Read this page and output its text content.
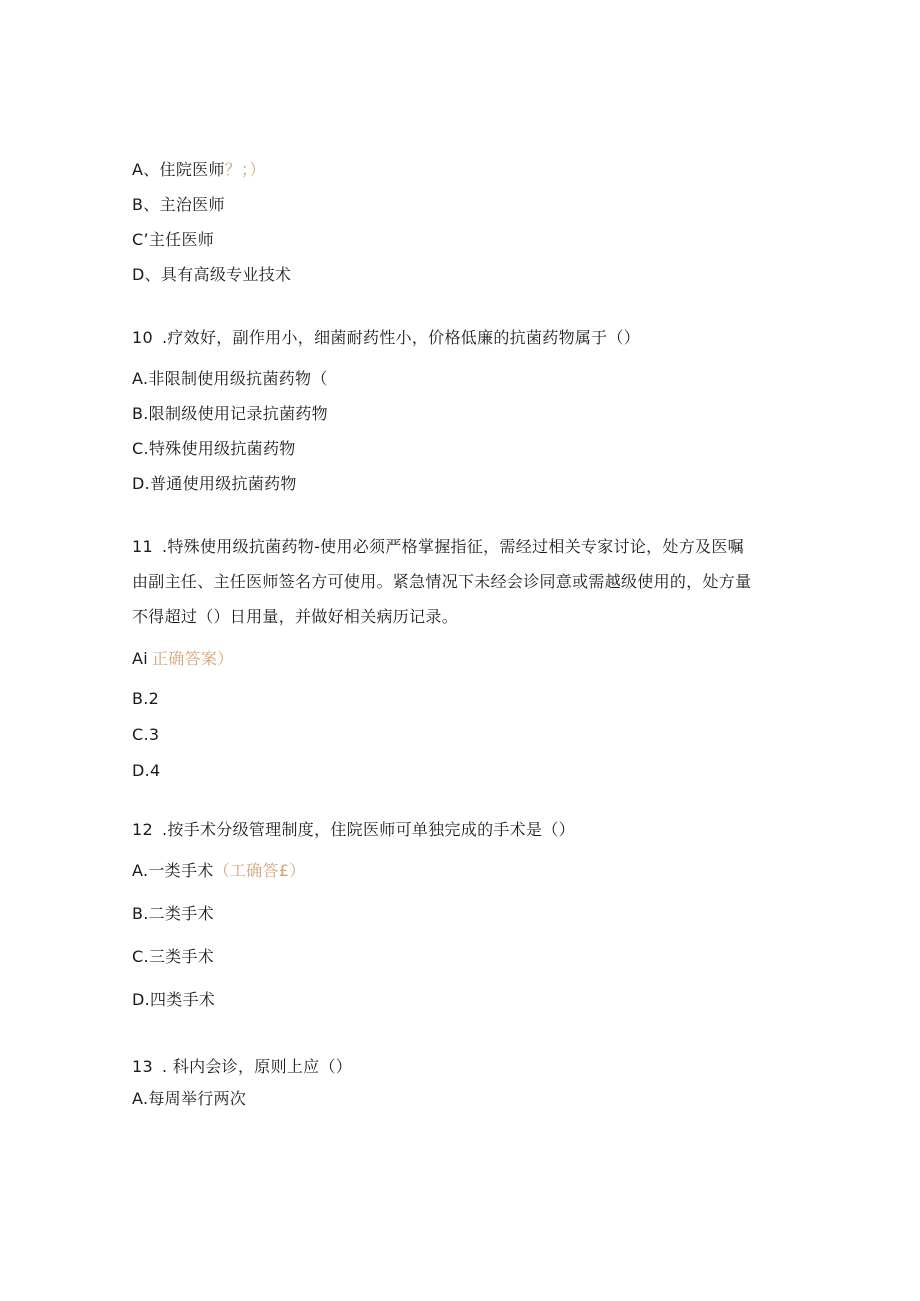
A、住院医师？；）
B、主治医师
C’主任医师
D、具有高级专业技术
10 .疗效好，副作用小，细菌耐药性小，价格低廉的抗菌药物属于（）
A.非限制使用级抗菌药物（
B.限制级使用记录抗菌药物
C.特殊使用级抗菌药物
D.普通使用级抗菌药物
11 .特殊使用级抗菌药物-使用必须严格掌握指征，需经过相关专家讨论，处方及医嘱
由副主任、主任医师签名方可使用。紧急情况下未经会诊同意或需越级使用的，处方量
不得超过（）日用量，并做好相关病历记录。
Ai 正确答案）
B.2
C.3
D.4
12 .按手术分级管理制度，住院医师可单独完成的手术是（）
A.一类手术（工确答£）
B.二类手术
C.三类手术
D.四类手术
13 . 科内会诊，原则上应（）
A.每周举行两次
